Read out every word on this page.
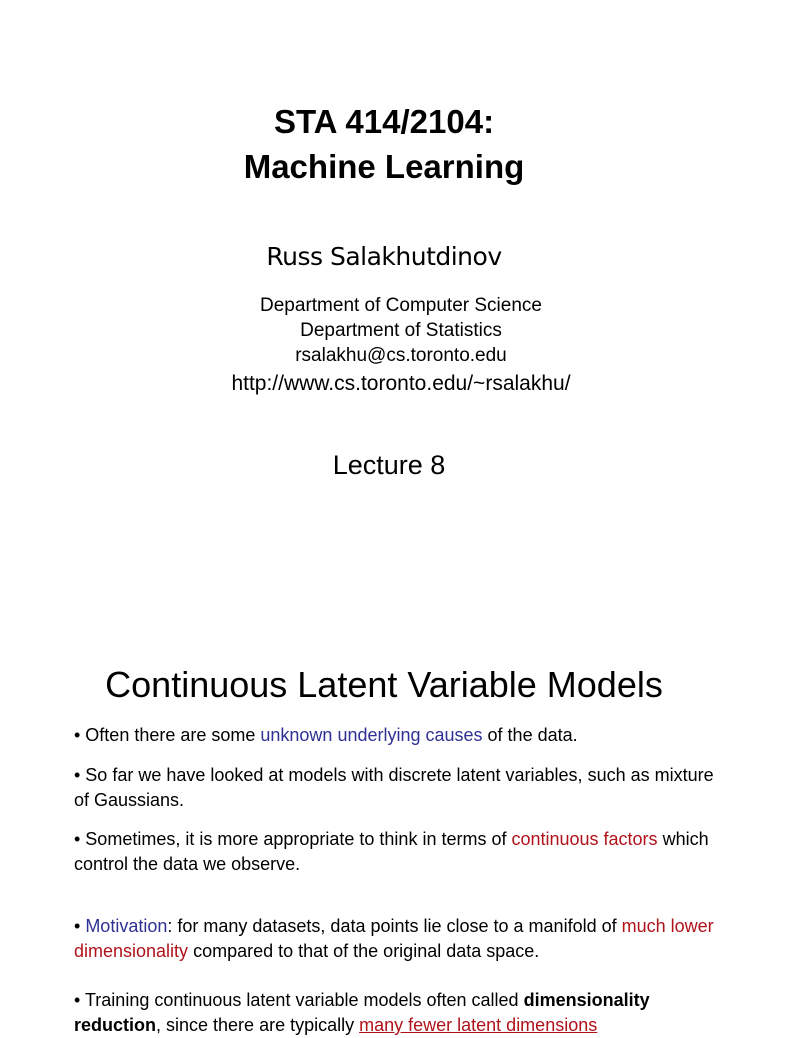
STA 414/2104:
Machine Learning
Russ Salakhutdinov
Department of Computer Science
Department of Statistics
rsalakhu@cs.toronto.edu
http://www.cs.toronto.edu/~rsalakhu/
Lecture 8
Continuous Latent Variable Models
• Often there are some unknown underlying causes of the data.
• So far we have looked at models with discrete latent variables, such as mixture of Gaussians.
• Sometimes, it is more appropriate to think in terms of continuous factors which control the data we observe.
• Motivation: for many datasets, data points lie close to a manifold of much lower dimensionality compared to that of the original data space.
• Training continuous latent variable models often called dimensionality reduction, since there are typically many fewer latent dimensions
